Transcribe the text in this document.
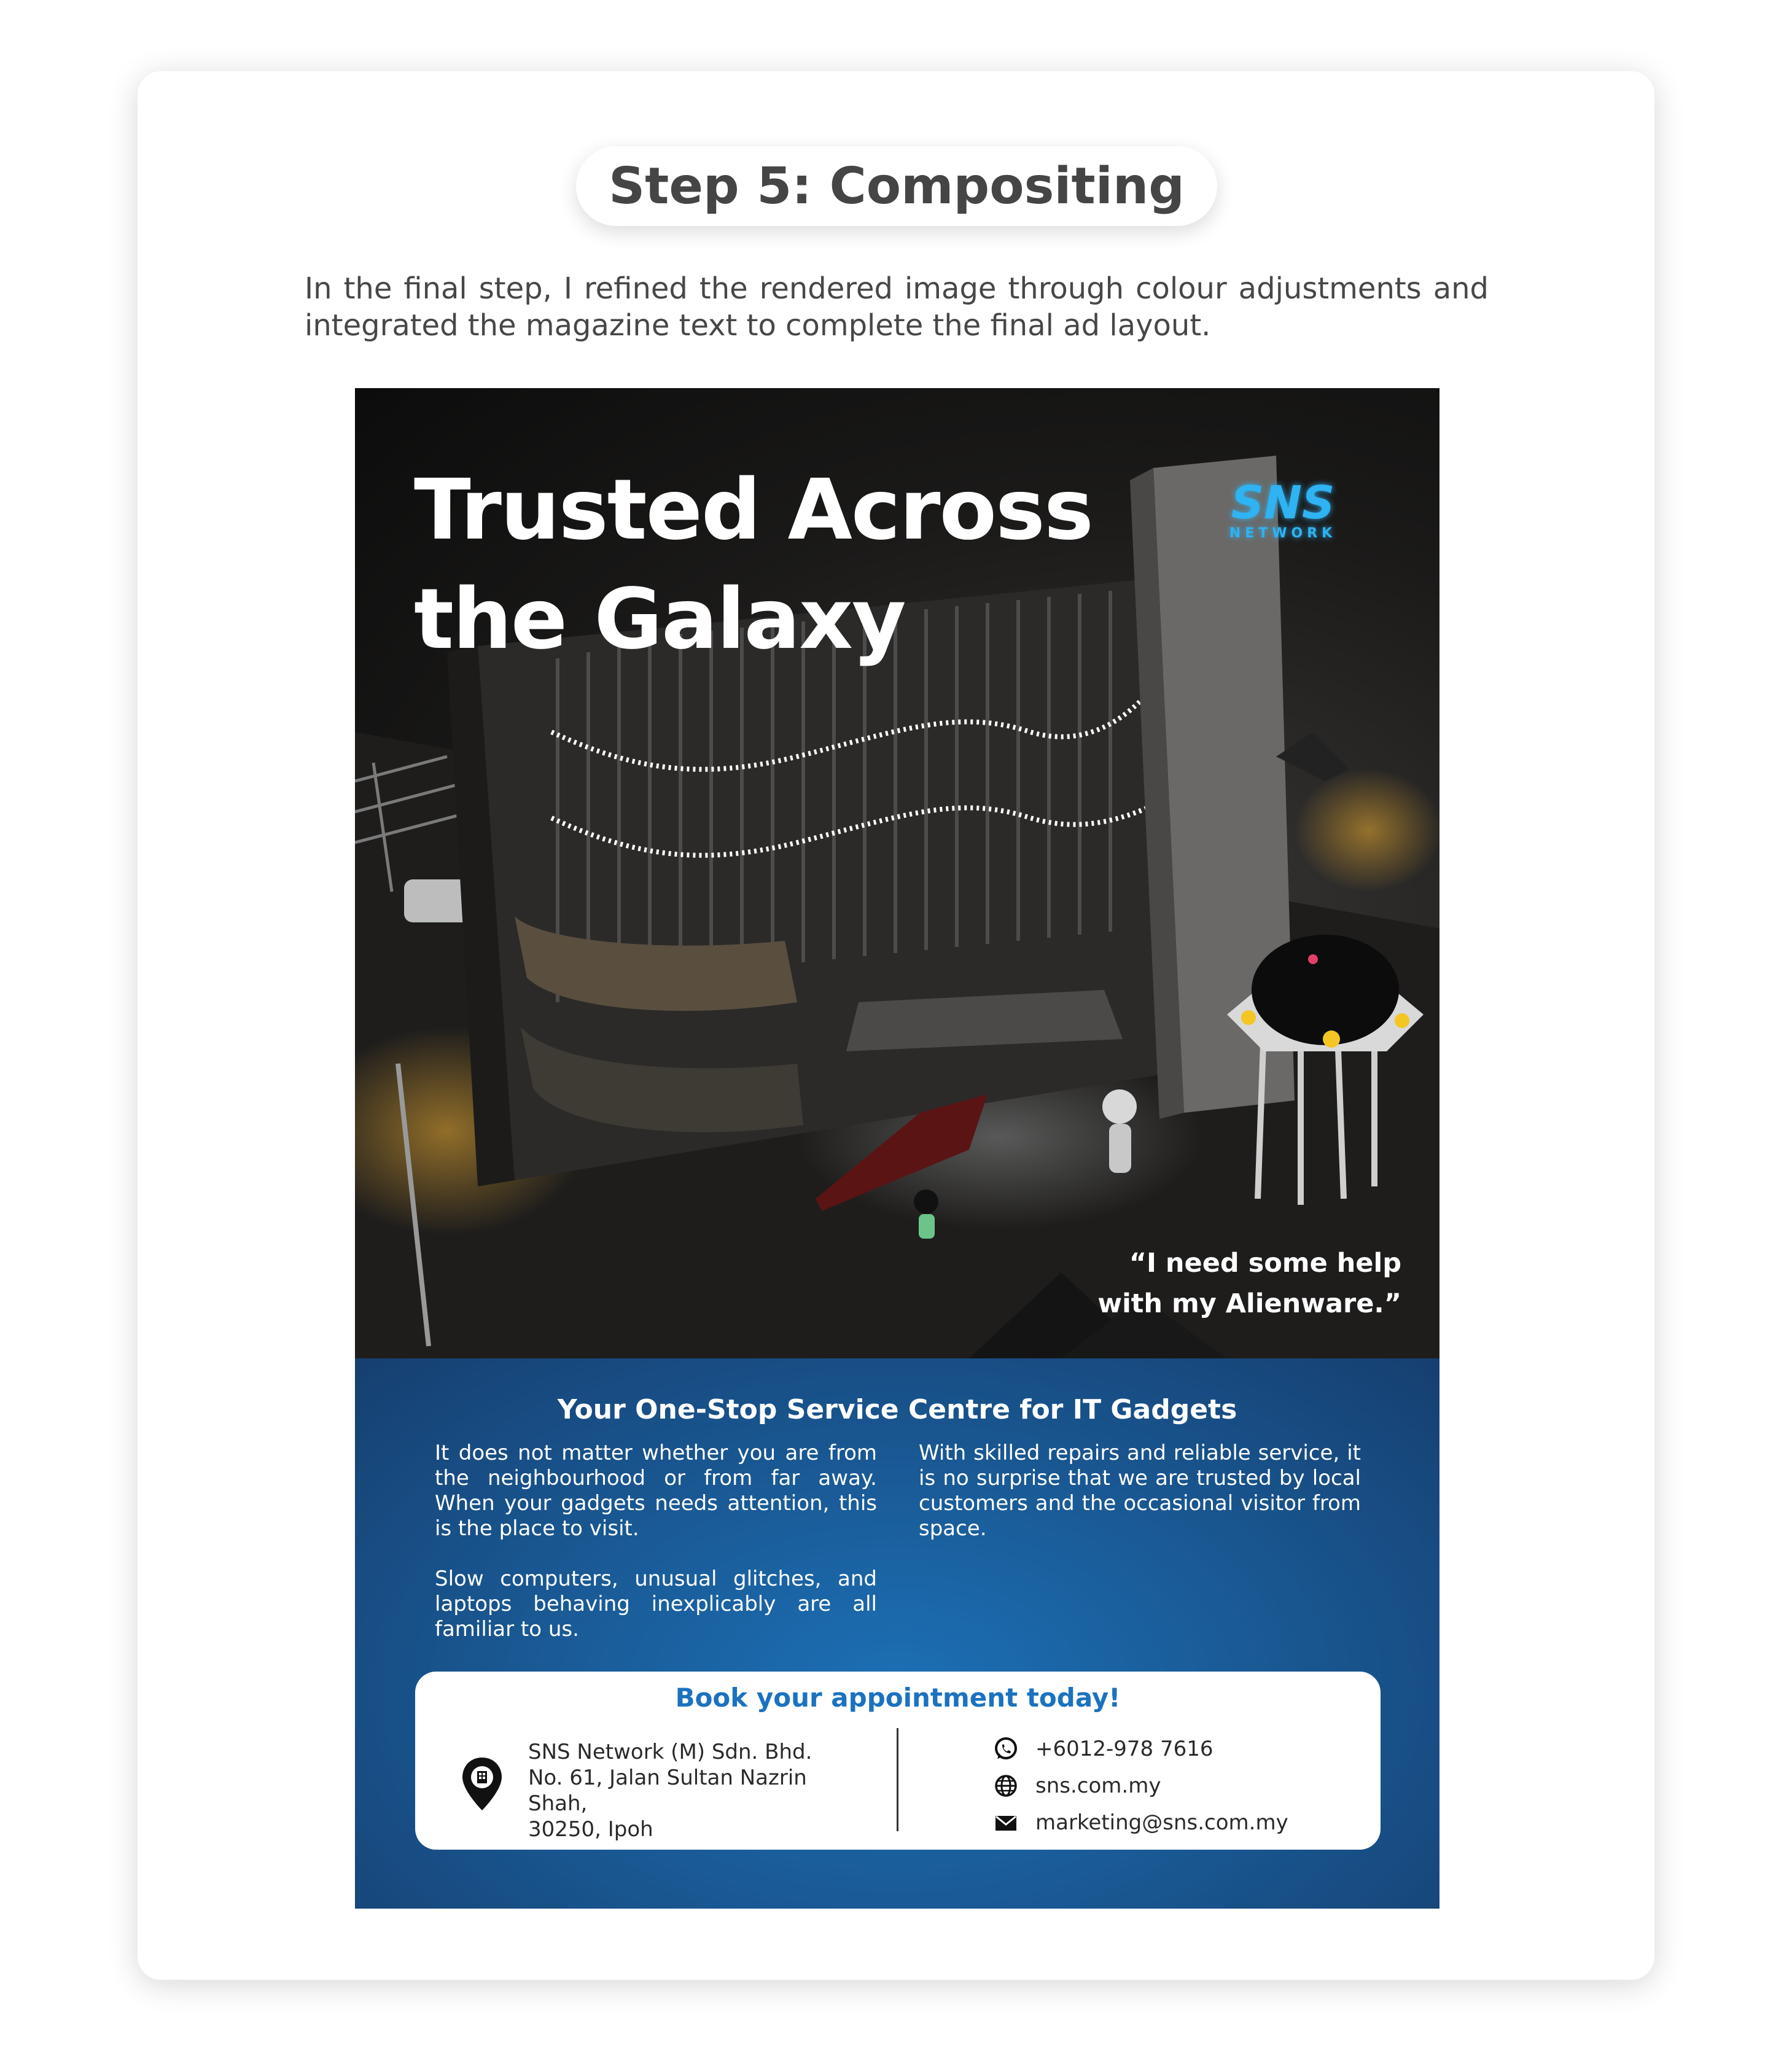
Step 5: Compositing
In the final step, I refined the rendered image through colour adjustments and integrated the magazine text to complete the final ad layout.
Trusted Across
the Galaxy
SNS
NETWORK
“I need some help
with my Alienware.”
Your One-Stop Service Centre for IT Gadgets

It does not matter whether you are from the neighbourhood or from far away. When your gadgets needs attention, this is the place to visit.

Slow computers, unusual glitches, and laptops behaving inexplicably are all familiar to us.

With skilled repairs and reliable service, it is no surprise that we are trusted by local customers and the occasional visitor from space.

Book your appointment today!
SNS Network (M) Sdn. Bhd.
No. 61, Jalan Sultan Nazrin Shah,
30250, Ipoh
+6012-978 7616
sns.com.my
marketing@sns.com.my
